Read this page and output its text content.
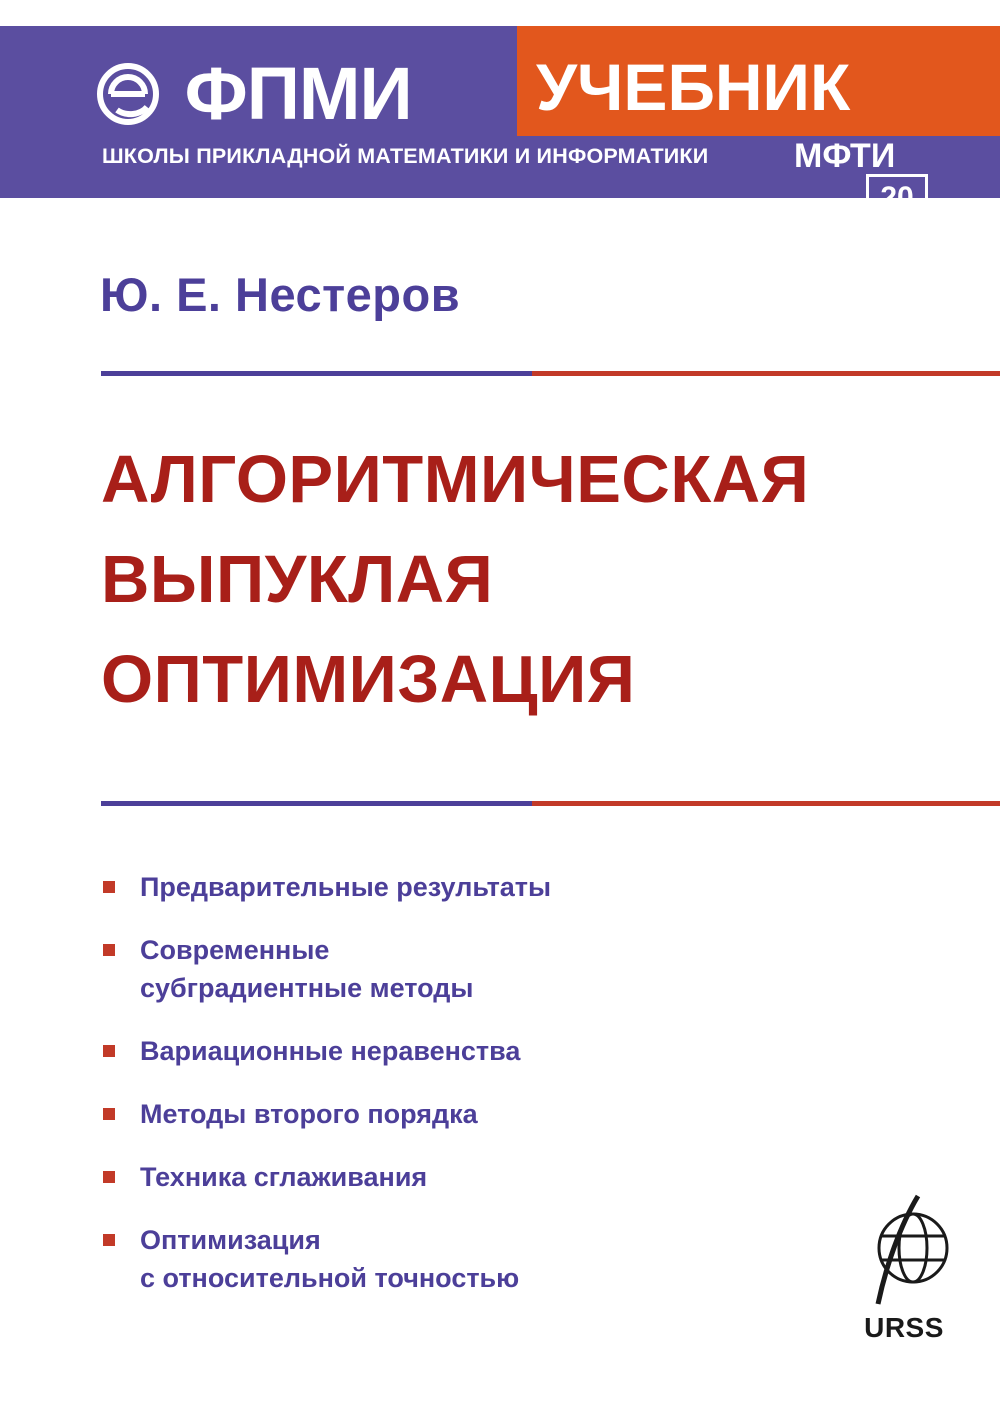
ФПМИ	УЧЕБНИК
ШКОЛЫ ПРИКЛАДНОЙ МАТЕМАТИКИ И ИНФОРМАТИКИ	МФТИ
20
Ю. Е. Нестеров
АЛГОРИТМИЧЕСКАЯ
ВЫПУКЛАЯ
ОПТИМИЗАЦИЯ
Предварительные результаты
Современные
субградиентные методы
Вариационные неравенства
Методы второго порядка
Техника сглаживания
Оптимизация
с относительной точностью
URSS
